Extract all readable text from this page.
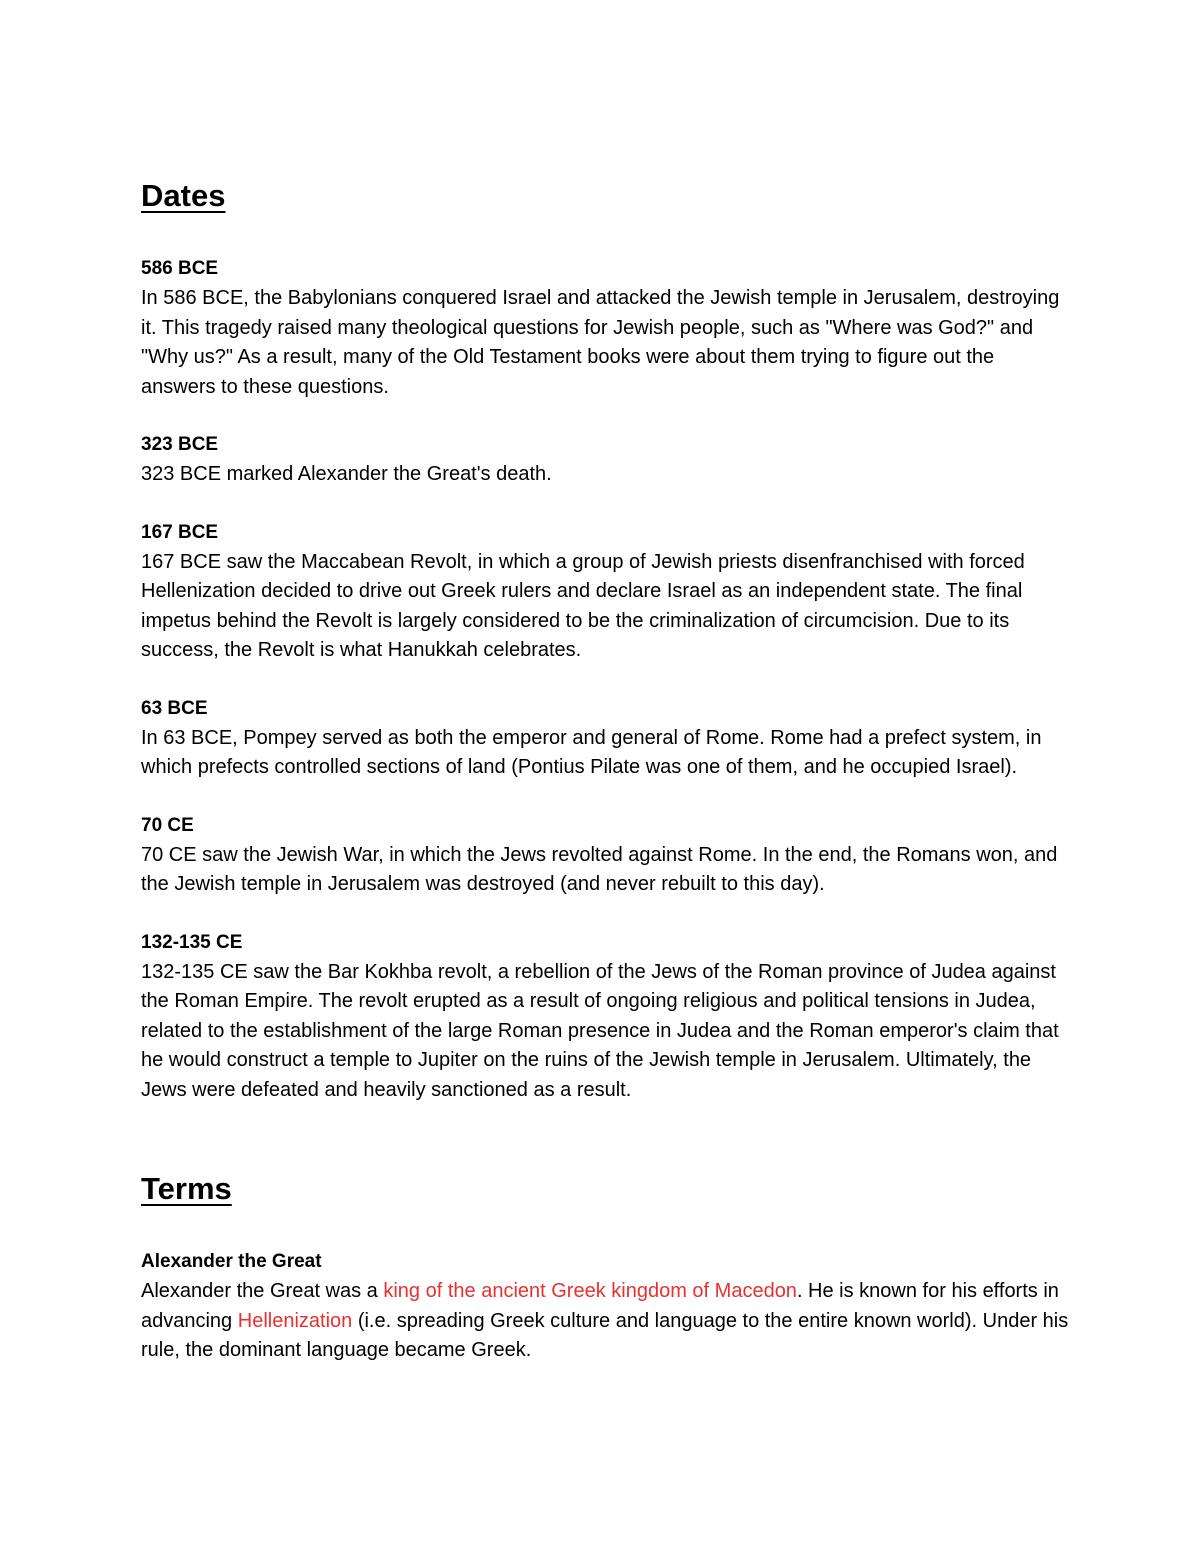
Dates

586 BCE

In 586 BCE, the Babylonians conquered Israel and attacked the Jewish temple in Jerusalem, destroying it. This tragedy raised many theological questions for Jewish people, such as "Where was God?" and "Why us?" As a result, many of the Old Testament books were about them trying to figure out the answers to these questions.

323 BCE

323 BCE marked Alexander the Great's death.

167 BCE

167 BCE saw the Maccabean Revolt, in which a group of Jewish priests disenfranchised with forced Hellenization decided to drive out Greek rulers and declare Israel as an independent state. The final impetus behind the Revolt is largely considered to be the criminalization of circumcision. Due to its success, the Revolt is what Hanukkah celebrates.

63 BCE

In 63 BCE, Pompey served as both the emperor and general of Rome. Rome had a prefect system, in which prefects controlled sections of land (Pontius Pilate was one of them, and he occupied Israel).

70 CE

70 CE saw the Jewish War, in which the Jews revolted against Rome. In the end, the Romans won, and the Jewish temple in Jerusalem was destroyed (and never rebuilt to this day).

132-135 CE

132-135 CE saw the Bar Kokhba revolt, a rebellion of the Jews of the Roman province of Judea against the Roman Empire. The revolt erupted as a result of ongoing religious and political tensions in Judea, related to the establishment of the large Roman presence in Judea and the Roman emperor's claim that he would construct a temple to Jupiter on the ruins of the Jewish temple in Jerusalem. Ultimately, the Jews were defeated and heavily sanctioned as a result.

Terms

Alexander the Great

Alexander the Great was a king of the ancient Greek kingdom of Macedon. He is known for his efforts in advancing Hellenization (i.e. spreading Greek culture and language to the entire known world). Under his rule, the dominant language became Greek.
